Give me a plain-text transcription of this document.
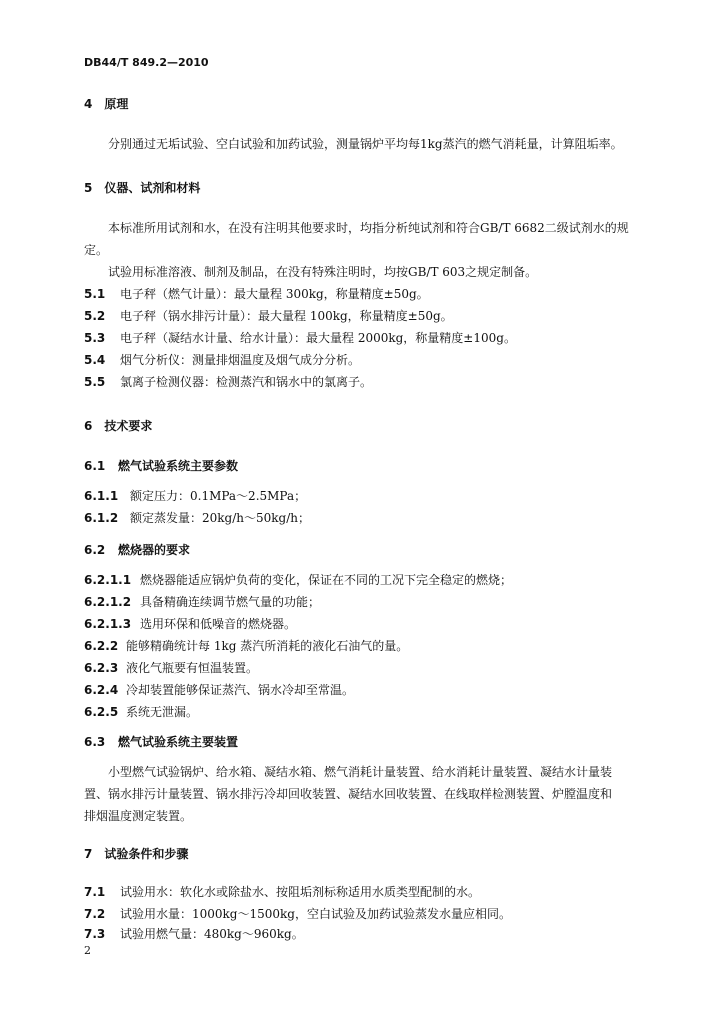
DB44/T 849.2—2010
4 原理
分别通过无垢试验、空白试验和加药试验，测量锅炉平均每1kg蒸汽的燃气消耗量，计算阻垢率。
5 仪器、试剂和材料
本标准所用试剂和水，在没有注明其他要求时，均指分析纯试剂和符合GB/T 6682二级试剂水的规
定。
试验用标准溶液、制剂及制品，在没有特殊注明时，均按GB/T 603之规定制备。
5.1 电子秤（燃气计量）：最大量程 300kg，称量精度±50g。
5.2 电子秤（锅水排污计量）：最大量程 100kg，称量精度±50g。
5.3 电子秤（凝结水计量、给水计量）：最大量程 2000kg，称量精度±100g。
5.4 烟气分析仪：测量排烟温度及烟气成分分析。
5.5 氯离子检测仪器：检测蒸汽和锅水中的氯离子。
6 技术要求
6.1 燃气试验系统主要参数
6.1.1 额定压力：0.1MPa～2.5MPa；
6.1.2 额定蒸发量：20kg/h～50kg/h；
6.2 燃烧器的要求
6.2.1.1 燃烧器能适应锅炉负荷的变化，保证在不同的工况下完全稳定的燃烧；
6.2.1.2 具备精确连续调节燃气量的功能；
6.2.1.3 选用环保和低噪音的燃烧器。
6.2.2 能够精确统计每 1kg 蒸汽所消耗的液化石油气的量。
6.2.3 液化气瓶要有恒温装置。
6.2.4 冷却装置能够保证蒸汽、锅水冷却至常温。
6.2.5 系统无泄漏。
6.3 燃气试验系统主要装置
小型燃气试验锅炉、给水箱、凝结水箱、燃气消耗计量装置、给水消耗计量装置、凝结水计量装
置、锅水排污计量装置、锅水排污冷却回收装置、凝结水回收装置、在线取样检测装置、炉膛温度和
排烟温度测定装置。
7 试验条件和步骤
7.1 试验用水：软化水或除盐水、按阻垢剂标称适用水质类型配制的水。
7.2 试验用水量：1000kg～1500kg，空白试验及加药试验蒸发水量应相同。
7.3 试验用燃气量：480kg～960kg。
2
